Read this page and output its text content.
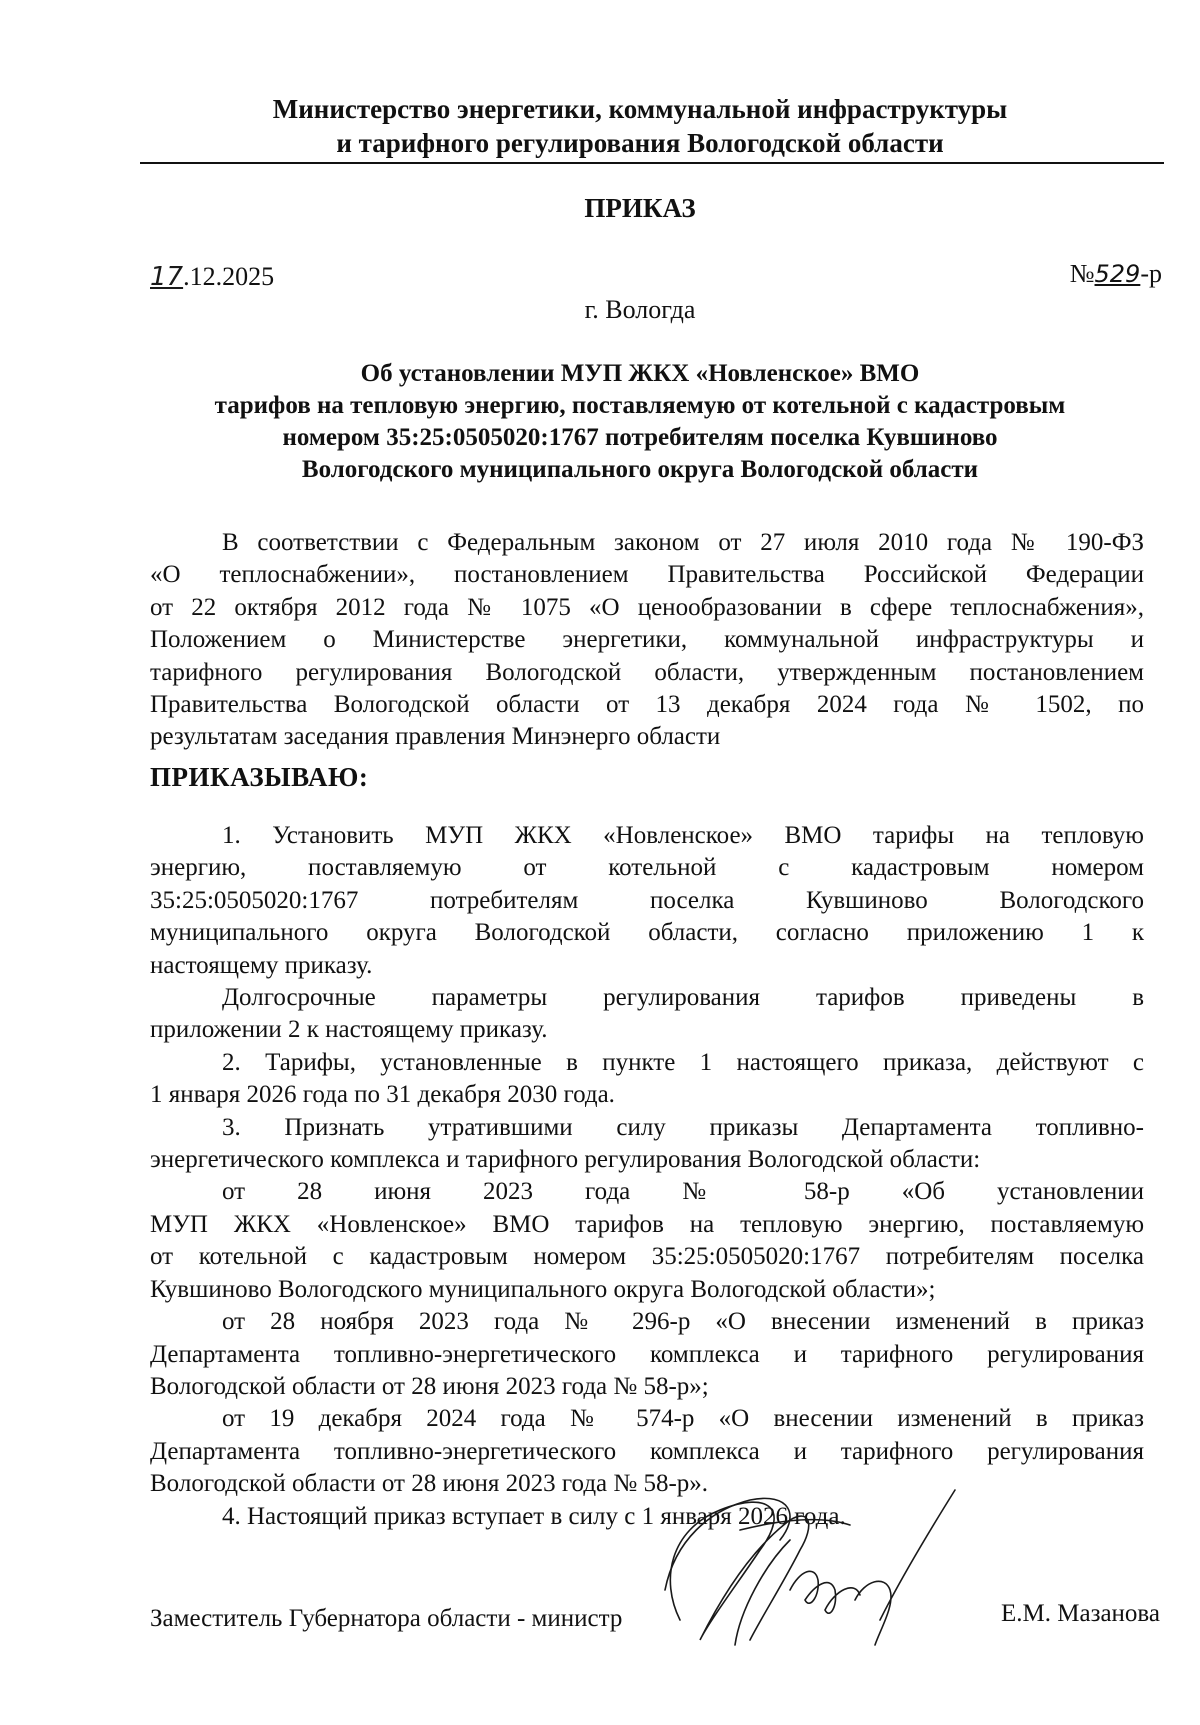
Министерство энергетики, коммунальной инфраструктуры
и тарифного регулирования Вологодской области
ПРИКАЗ
17.12.2025	№529-р
г. Вологда
Об установлении МУП ЖКХ «Новленское» ВМО
тарифов на тепловую энергию, поставляемую от котельной с кадастровым
номером 35:25:0505020:1767 потребителям поселка Кувшиново
Вологодского муниципального округа Вологодской области
В соответствии с Федеральным законом от 27 июля 2010 года № 190-ФЗ
«О теплоснабжении», постановлением Правительства Российской Федерации
от 22 октября 2012 года № 1075 «О ценообразовании в сфере теплоснабжения»,
Положением о Министерстве энергетики, коммунальной инфраструктуры и
тарифного регулирования Вологодской области, утвержденным постановлением
Правительства Вологодской области от 13 декабря 2024 года № 1502, по
результатам заседания правления Минэнерго области
ПРИКАЗЫВАЮ:
1. Установить МУП ЖКХ «Новленское» ВМО тарифы на тепловую
энергию, поставляемую от котельной с кадастровым номером
35:25:0505020:1767 потребителям поселка Кувшиново Вологодского
муниципального округа Вологодской области, согласно приложению 1 к
настоящему приказу.
Долгосрочные параметры регулирования тарифов приведены в
приложении 2 к настоящему приказу.
2. Тарифы, установленные в пункте 1 настоящего приказа, действуют с
1 января 2026 года по 31 декабря 2030 года.
3. Признать утратившими силу приказы Департамента топливно-
энергетического комплекса и тарифного регулирования Вологодской области:
от 28 июня 2023 года № 58-р «Об установлении
МУП ЖКХ «Новленское» ВМО тарифов на тепловую энергию, поставляемую
от котельной с кадастровым номером 35:25:0505020:1767 потребителям поселка
Кувшиново Вологодского муниципального округа Вологодской области»;
от 28 ноября 2023 года № 296-р «О внесении изменений в приказ
Департамента топливно-энергетического комплекса и тарифного регулирования
Вологодской области от 28 июня 2023 года № 58-р»;
от 19 декабря 2024 года № 574-р «О внесении изменений в приказ
Департамента топливно-энергетического комплекса и тарифного регулирования
Вологодской области от 28 июня 2023 года № 58-р».
4. Настоящий приказ вступает в силу с 1 января 2026 года.
Заместитель Губернатора области - министр	Е.М. Мазанова
